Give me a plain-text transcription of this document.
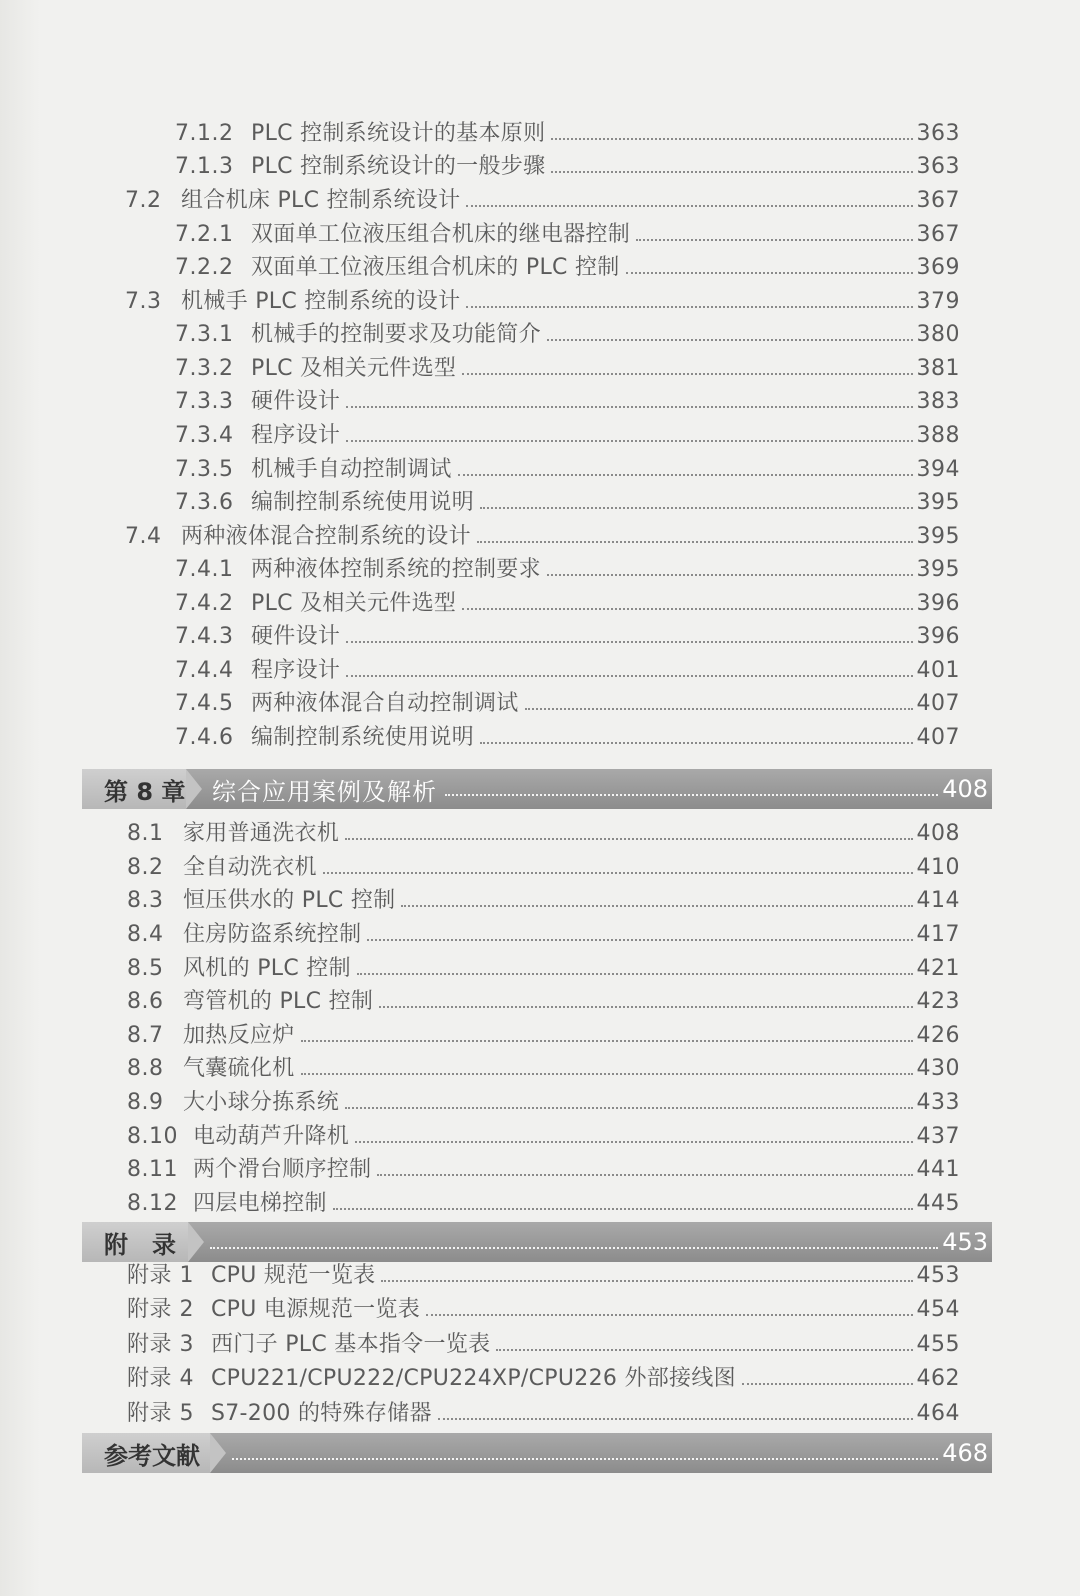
7.1.2 PLC 控制系统设计的基本原则	363
7.1.3 PLC 控制系统设计的一般步骤	363
7.2 组合机床 PLC 控制系统设计	367
7.2.1 双面单工位液压组合机床的继电器控制	367
7.2.2 双面单工位液压组合机床的 PLC 控制	369
7.3 机械手 PLC 控制系统的设计	379
7.3.1 机械手的控制要求及功能简介	380
7.3.2 PLC 及相关元件选型	381
7.3.3 硬件设计	383
7.3.4 程序设计	388
7.3.5 机械手自动控制调试	394
7.3.6 编制控制系统使用说明	395
7.4 两种液体混合控制系统的设计	395
7.4.1 两种液体控制系统的控制要求	395
7.4.2 PLC 及相关元件选型	396
7.4.3 硬件设计	396
7.4.4 程序设计	401
7.4.5 两种液体混合自动控制调试	407
7.4.6 编制控制系统使用说明	407
第 8 章 综合应用案例及解析	408
8.1 家用普通洗衣机	408
8.2 全自动洗衣机	410
8.3 恒压供水的 PLC 控制	414
8.4 住房防盗系统控制	417
8.5 风机的 PLC 控制	421
8.6 弯管机的 PLC 控制	423
8.7 加热反应炉	426
8.8 气囊硫化机	430
8.9 大小球分拣系统	433
8.10 电动葫芦升降机	437
8.11 两个滑台顺序控制	441
8.12 四层电梯控制	445
附　录	453
附录 1 CPU 规范一览表	453
附录 2 CPU 电源规范一览表	454
附录 3 西门子 PLC 基本指令一览表	455
附录 4 CPU221/CPU222/CPU224XP/CPU226 外部接线图	462
附录 5 S7-200 的特殊存储器	464
参考文献	468
